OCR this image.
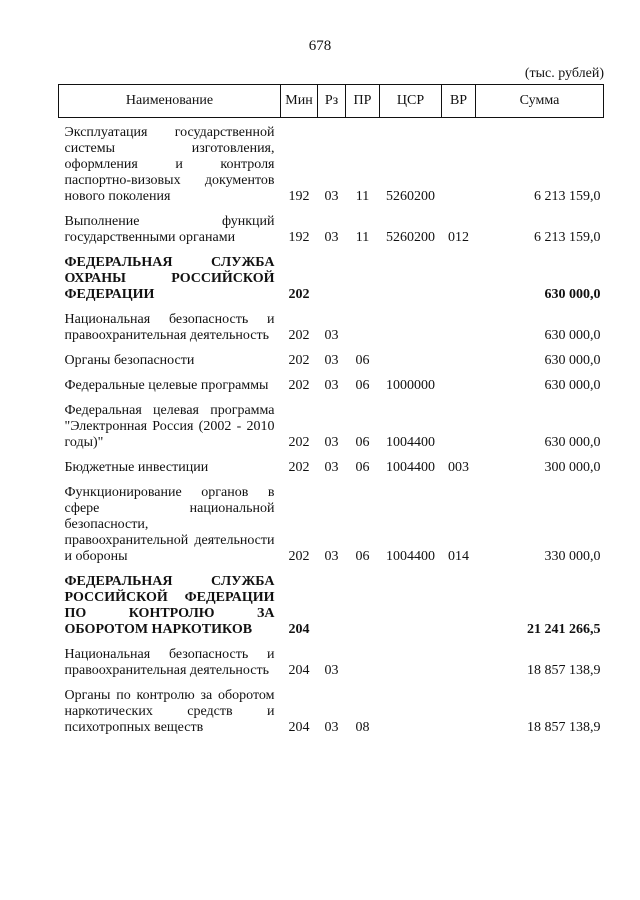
678
(тыс. рублей)
Наименование	Мин	Рз	ПР	ЦСР	ВР	Сумма
Эксплуатация государственной системы изготовления, оформления и контроля паспортно-визовых документов нового поколения	192	03	11	5260200		6 213 159,0
Выполнение функций государственными органами	192	03	11	5260200	012	6 213 159,0
ФЕДЕРАЛЬНАЯ СЛУЖБА ОХРАНЫ РОССИЙСКОЙ ФЕДЕРАЦИИ	202					630 000,0
Национальная безопасность и правоохранительная деятельность	202	03				630 000,0
Органы безопасности	202	03	06			630 000,0
Федеральные целевые программы	202	03	06	1000000		630 000,0
Федеральная целевая программа "Электронная Россия (2002 - 2010 годы)"	202	03	06	1004400		630 000,0
Бюджетные инвестиции	202	03	06	1004400	003	300 000,0
Функционирование органов в сфере национальной безопасности, правоохранительной деятельности и обороны	202	03	06	1004400	014	330 000,0
ФЕДЕРАЛЬНАЯ СЛУЖБА РОССИЙСКОЙ ФЕДЕРАЦИИ ПО КОНТРОЛЮ ЗА ОБОРОТОМ НАРКОТИКОВ	204					21 241 266,5
Национальная безопасность и правоохранительная деятельность	204	03				18 857 138,9
Органы по контролю за оборотом наркотических средств и психотропных веществ	204	03	08			18 857 138,9
